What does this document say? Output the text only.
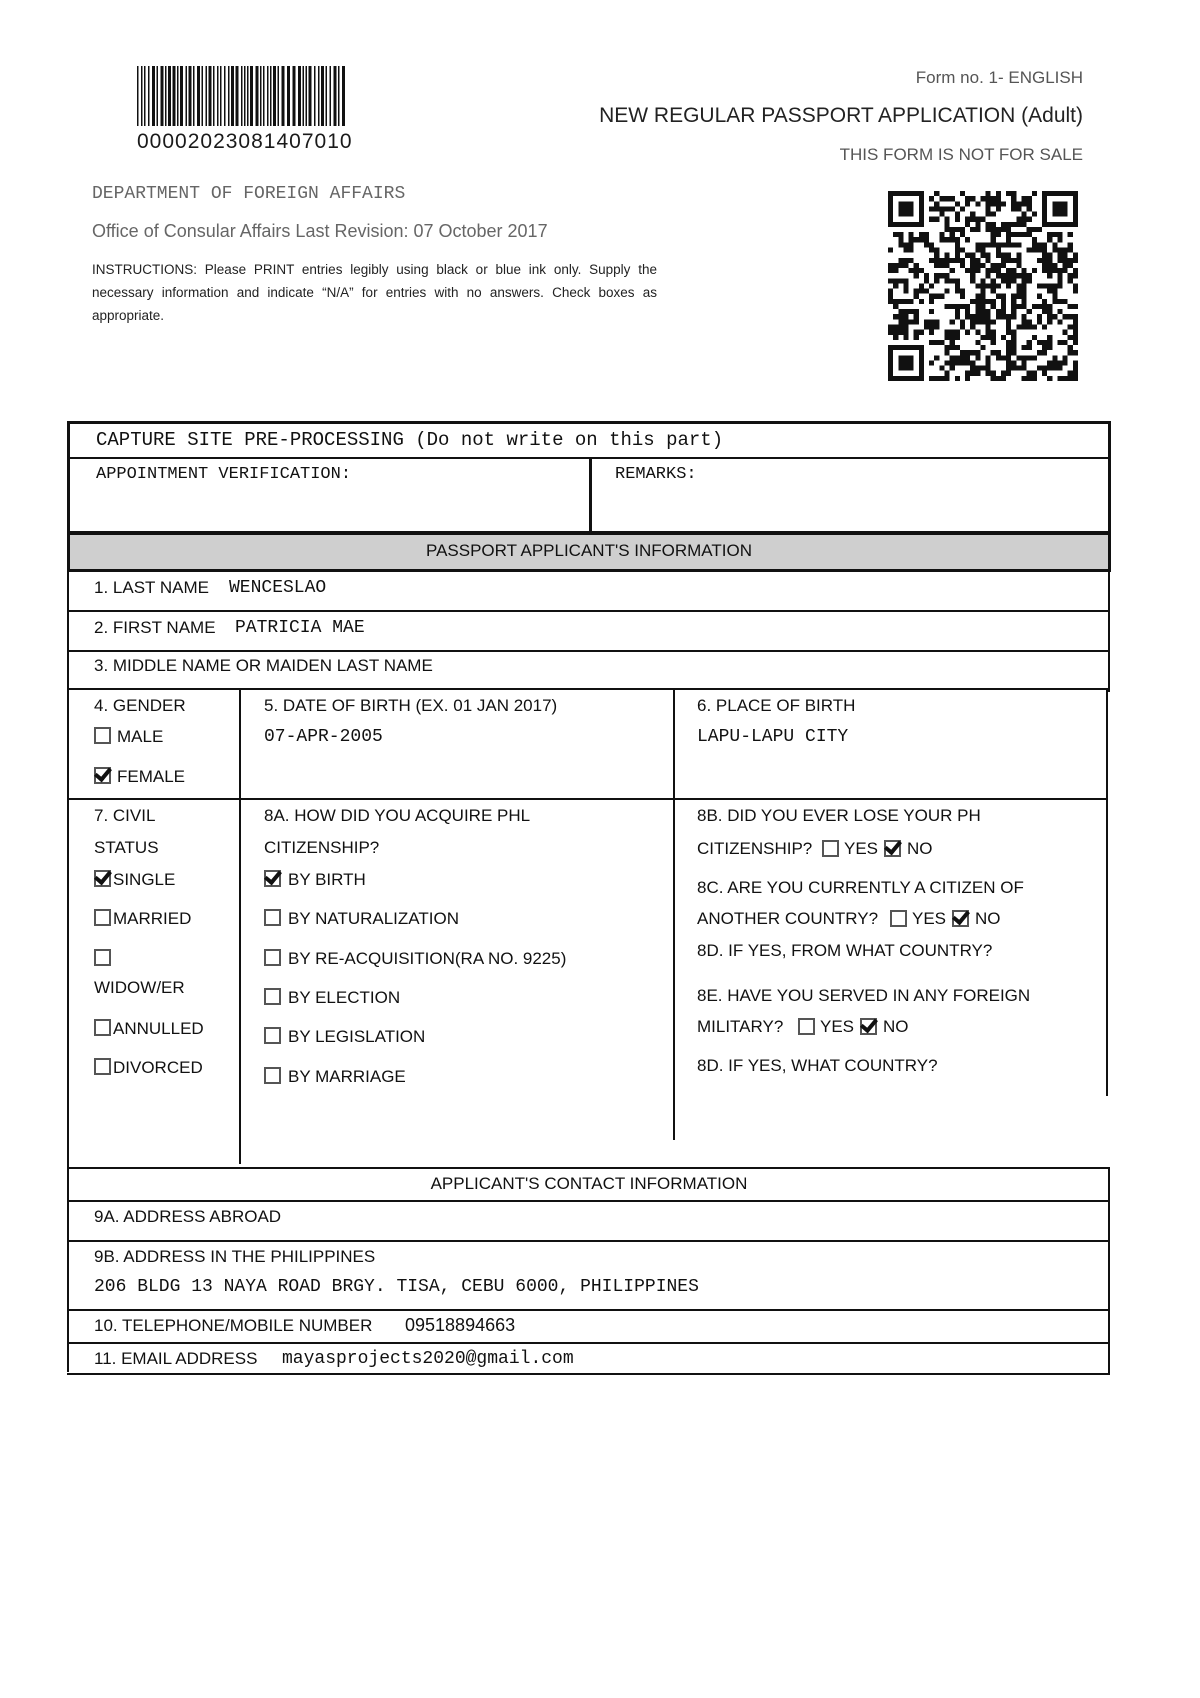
00002023081407010
Form no. 1- ENGLISH
NEW REGULAR PASSPORT APPLICATION (Adult)
THIS FORM IS NOT FOR SALE
DEPARTMENT OF FOREIGN AFFAIRS
Office of Consular Affairs Last Revision: 07 October 2017
INSTRUCTIONS: Please PRINT entries legibly using black or blue ink only. Supply the necessary information and indicate “N/A” for entries with no answers. Check boxes as appropriate.
CAPTURE SITE PRE-PROCESSING (Do not write on this part)
APPOINTMENT VERIFICATION:	REMARKS:
PASSPORT APPLICANT'S INFORMATION
1. LAST NAME WENCESLAO
2. FIRST NAME PATRICIA MAE
3. MIDDLE NAME OR MAIDEN LAST NAME
4. GENDER
MALE
FEMALE
5. DATE OF BIRTH (EX. 01 JAN 2017)
07-APR-2005
6. PLACE OF BIRTH
LAPU-LAPU CITY
7. CIVIL
STATUS
SINGLE
MARRIED
WIDOW/ER
ANNULLED
DIVORCED
8A. HOW DID YOU ACQUIRE PHL
CITIZENSHIP?
BY BIRTH
BY NATURALIZATION
BY RE-ACQUISITION(RA NO. 9225)
BY ELECTION
BY LEGISLATION
BY MARRIAGE
8B. DID YOU EVER LOSE YOUR PH
CITIZENSHIP? YES NO
8C. ARE YOU CURRENTLY A CITIZEN OF
ANOTHER COUNTRY? YES NO
8D. IF YES, FROM WHAT COUNTRY?
8E. HAVE YOU SERVED IN ANY FOREIGN
MILITARY? YES NO
8D. IF YES, WHAT COUNTRY?
APPLICANT'S CONTACT INFORMATION
9A. ADDRESS ABROAD
9B. ADDRESS IN THE PHILIPPINES
206 BLDG 13 NAYA ROAD BRGY. TISA, CEBU 6000, PHILIPPINES
10. TELEPHONE/MOBILE NUMBER 09518894663
11. EMAIL ADDRESS mayasprojects2020@gmail.com
